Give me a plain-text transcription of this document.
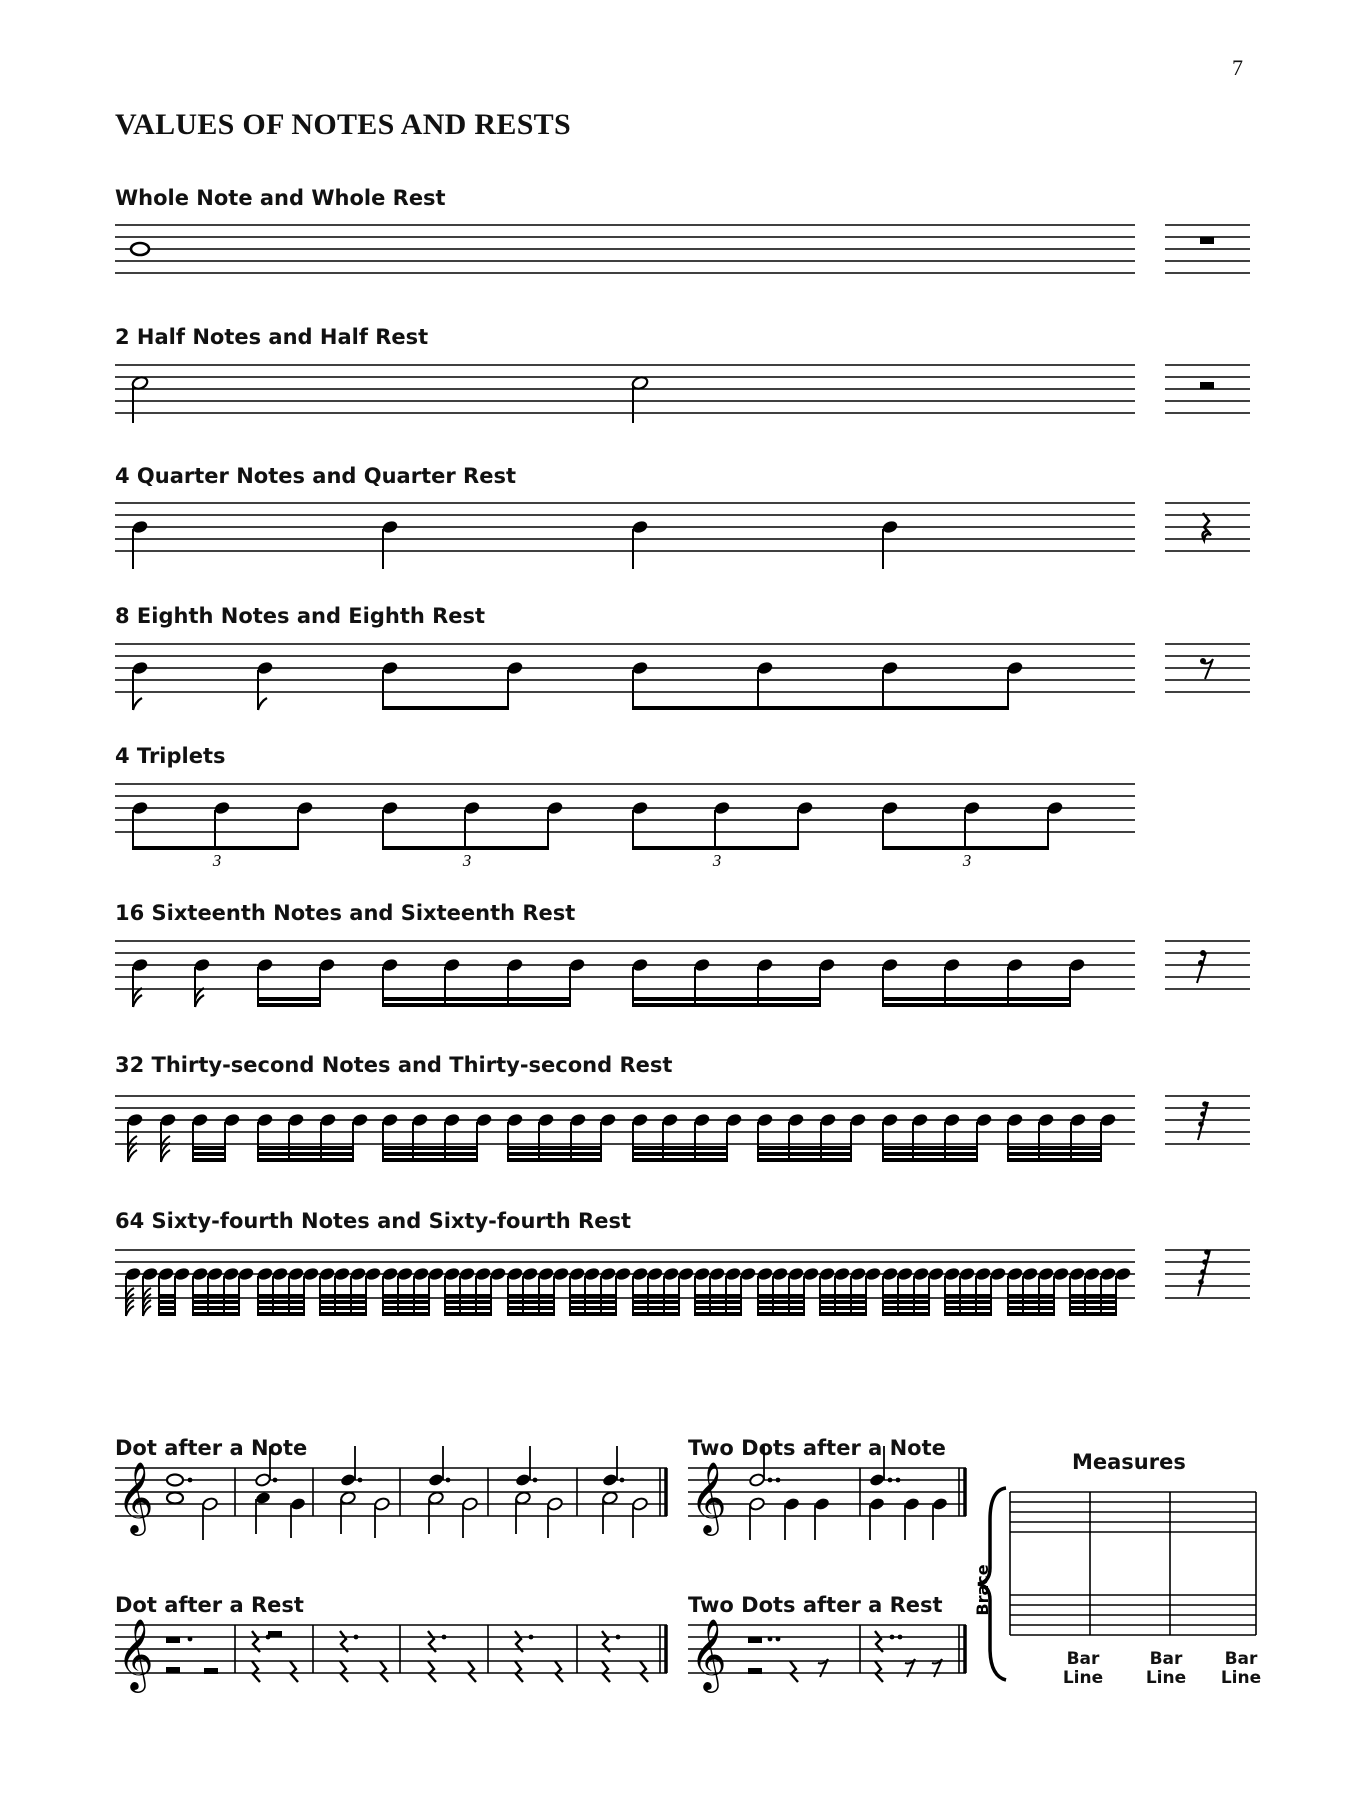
7
VALUES OF NOTES AND RESTS
Whole Note and Whole Rest
2 Half Notes and Half Rest
4 Quarter Notes and Quarter Rest
8 Eighth Notes and Eighth Rest
4 Triplets
16 Sixteenth Notes and Sixteenth Rest
32 Thirty-second Notes and Thirty-second Rest
64 Sixty-fourth Notes and Sixty-fourth Rest
Dot after a Note	Two Dots after a Note
Dot after a Rest	Two Dots after a Rest
Measures
Bar
Line
Bar
Line
Bar
Line
𝄞	𝄞
𝄞	𝄞
3	3	3	3
Brace
